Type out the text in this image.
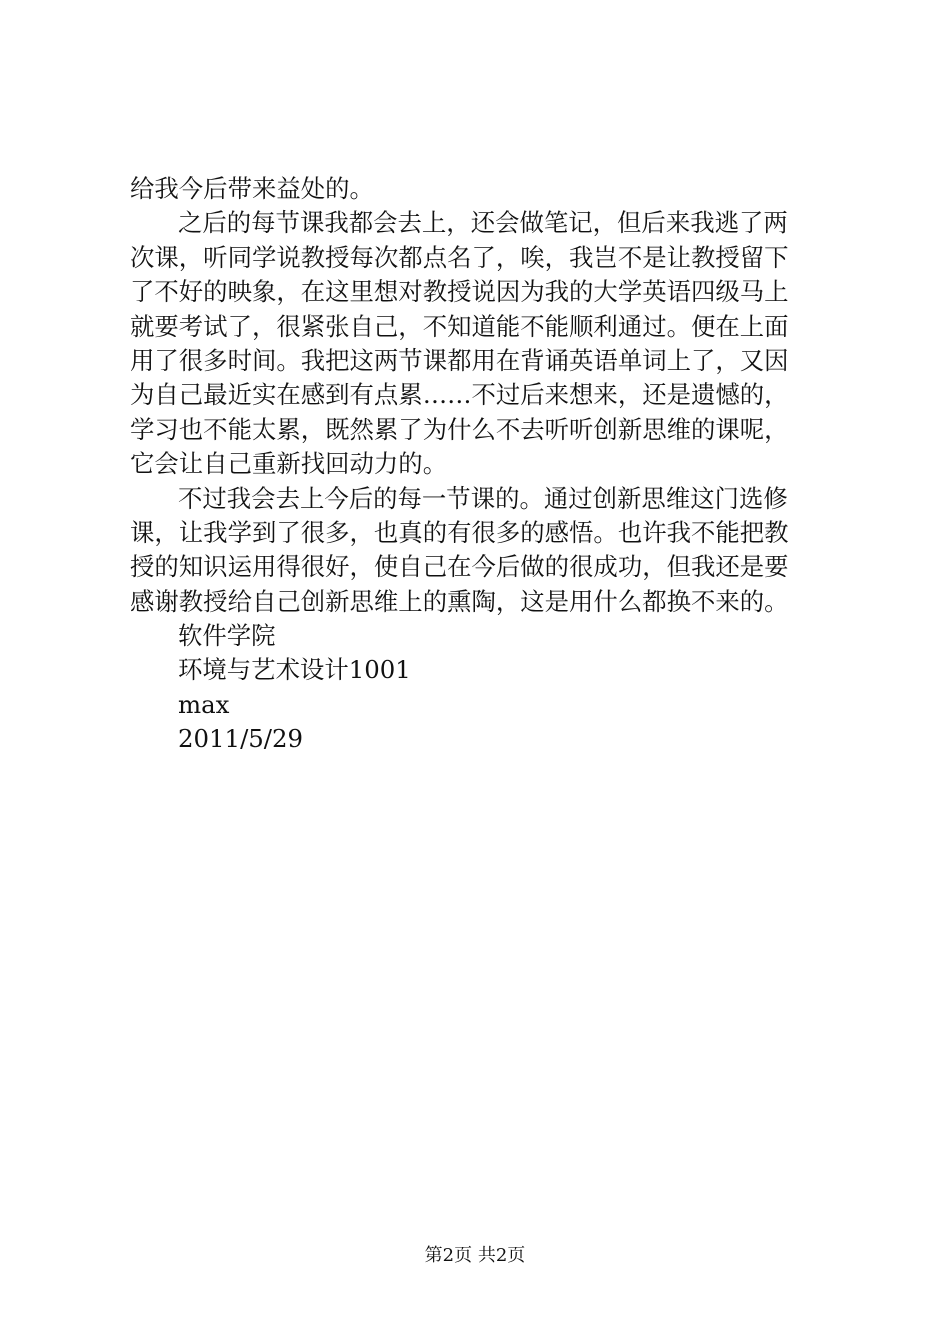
给我今后带来益处的。
之后的每节课我都会去上，还会做笔记，但后来我逃了两
次课，听同学说教授每次都点名了，唉，我岂不是让教授留下
了不好的映象，在这里想对教授说因为我的大学英语四级马上
就要考试了，很紧张自己，不知道能不能顺利通过。便在上面
用了很多时间。我把这两节课都用在背诵英语单词上了，又因
为自己最近实在感到有点累……不过后来想来，还是遗憾的，
学习也不能太累，既然累了为什么不去听听创新思维的课呢，
它会让自己重新找回动力的。
不过我会去上今后的每一节课的。通过创新思维这门选修
课，让我学到了很多，也真的有很多的感悟。也许我不能把教
授的知识运用得很好，使自己在今后做的很成功，但我还是要
感谢教授给自己创新思维上的熏陶，这是用什么都换不来的。
软件学院
环境与艺术设计1001
max
2011/5/29
第2页 共2页
